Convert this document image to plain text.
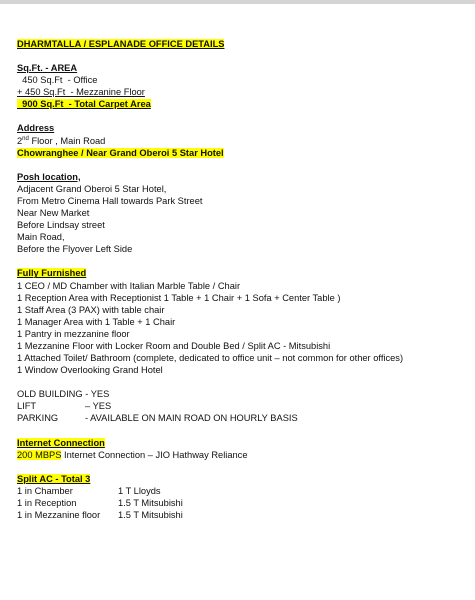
DHARMTALLA / ESPLANADE OFFICE DETAILS
Sq.Ft. - AREA
450 Sq.Ft  - Office
+ 450 Sq.Ft  - Mezzanine Floor
900 Sq.Ft  - Total Carpet Area
Address
2nd Floor , Main Road
Chowranghee / Near Grand Oberoi 5 Star Hotel
Posh location,
Adjacent Grand Oberoi 5 Star Hotel,
From Metro Cinema Hall towards Park Street
Near New Market
Before Lindsay street
Main Road,
Before the Flyover Left Side
Fully Furnished
1 CEO / MD Chamber with Italian Marble Table / Chair
1 Reception Area with Receptionist 1 Table + 1 Chair + 1 Sofa + Center Table )
1 Staff Area (3 PAX) with table chair
1 Manager Area with 1 Table + 1 Chair
1 Pantry in mezzanine floor
1 Mezzanine Floor with Locker Room and Double Bed / Split AC - Mitsubishi
1 Attached Toilet/ Bathroom (complete, dedicated to office unit – not common for other offices)
1 Window Overlooking Grand Hotel
OLD BUILDING - YES
LIFT	– YES
PARKING	- AVAILABLE ON MAIN ROAD ON HOURLY BASIS
Internet Connection
200 MBPS Internet Connection – JIO Hathway Reliance
Split AC - Total 3
1 in Chamber	1 T Lloyds
1 in Reception	1.5 T Mitsubishi
1 in Mezzanine floor	1.5 T Mitsubishi
